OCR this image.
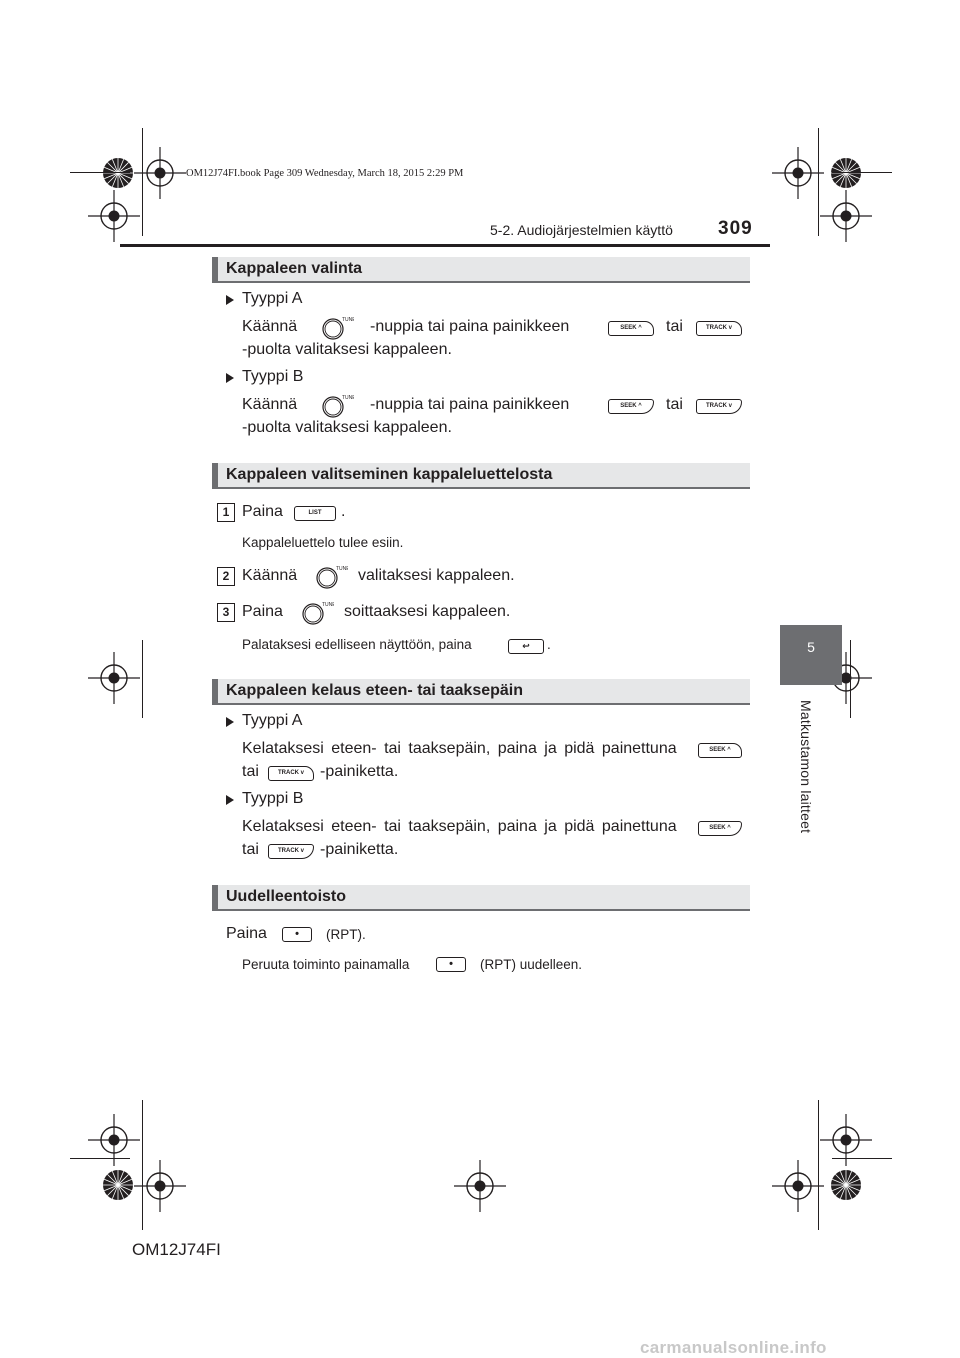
OM12J74FI.book Page 309 Wednesday, March 18, 2015 2:29 PM
5-2. Audiojärjestelmien käyttö 309
5
Matkustamon laitteet
Kappaleen valinta
Tyyppi A
Käännä	-nuppia tai paina painikkeen	SEEK ^	tai	TRACK v
-puolta valitaksesi kappaleen.
Tyyppi B
Käännä	-nuppia tai paina painikkeen	SEEK ^	tai	TRACK v
-puolta valitaksesi kappaleen.
Kappaleen valitseminen kappaleluettelosta
1 Paina	LIST	.
Kappaleluettelo tulee esiin.
2 Käännä	valitaksesi kappaleen.
3 Paina	soittaaksesi kappaleen.
Palataksesi edelliseen näyttöön, paina	↩	.
Kappaleen kelaus eteen- tai taaksepäin
Tyyppi A
Kelataksesi eteen- tai taaksepäin, paina ja pidä painettuna	SEEK ^
tai	TRACK v	-painiketta.
Tyyppi B
Kelataksesi eteen- tai taaksepäin, paina ja pidä painettuna	SEEK ^
tai	TRACK v	-painiketta.
Uudelleentoisto
Paina	•	(RPT).
Peruuta toiminto painamalla	•	(RPT) uudelleen.
OM12J74FI
carmanualsonline.info
